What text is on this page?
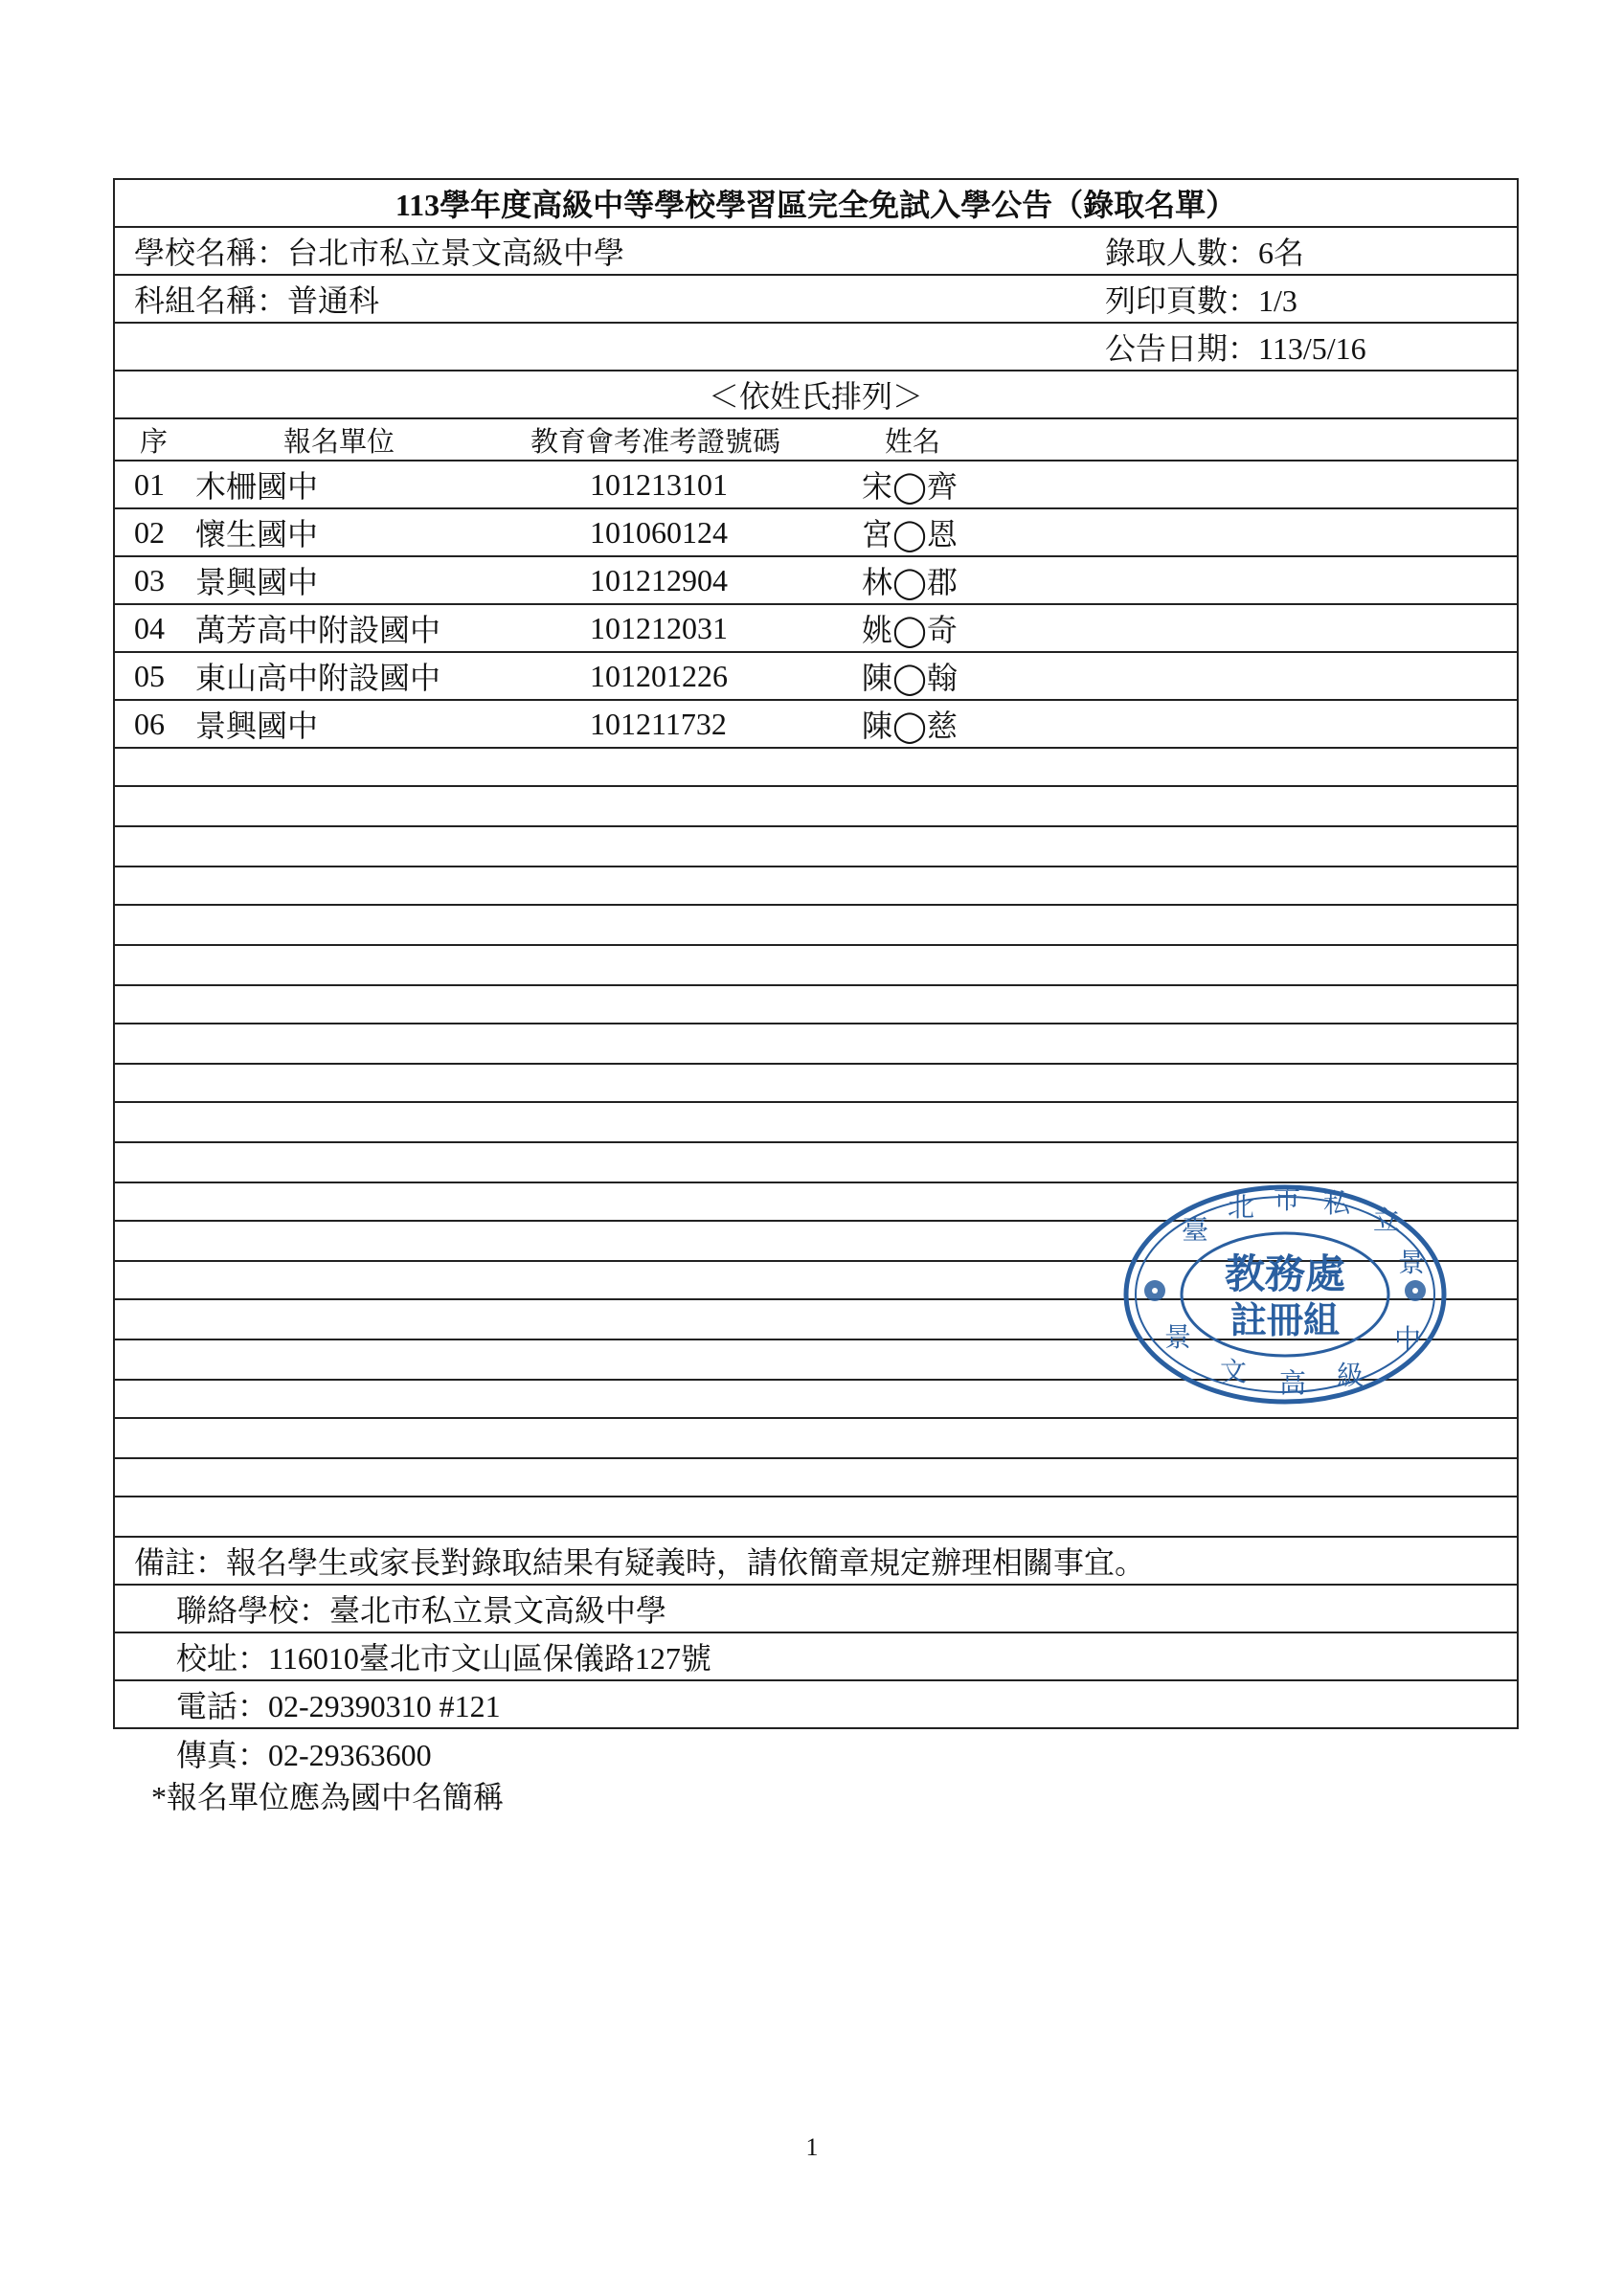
113學年度高級中等學校學習區完全免試入學公告（錄取名單）
學校名稱：台北市私立景文高級中學	錄取人數：6名
科組名稱：普通科	列印頁數：1/3
公告日期：113/5/16
＜依姓氏排列＞
序	報名單位	教育會考准考證號碼	姓名
01 木柵國中	101213101	宋◯齊
02 懷生國中	101060124	宮◯恩
03 景興國中	101212904	林◯郡
04 萬芳高中附設國中	101212031	姚◯奇
05 東山高中附設國中	101201226	陳◯翰
06 景興國中	101211732	陳◯慈
備註：報名學生或家長對錄取結果有疑義時，請依簡章規定辦理相關事宜。
聯絡學校：臺北市私立景文高級中學
校址：116010臺北市文山區保儀路127號
電話：02-29390310 #121
傳真：02-29363600
教務處
註冊組
臺
北 市 私
立
景
中
級
高
文
景
*報名單位應為國中名簡稱
1
